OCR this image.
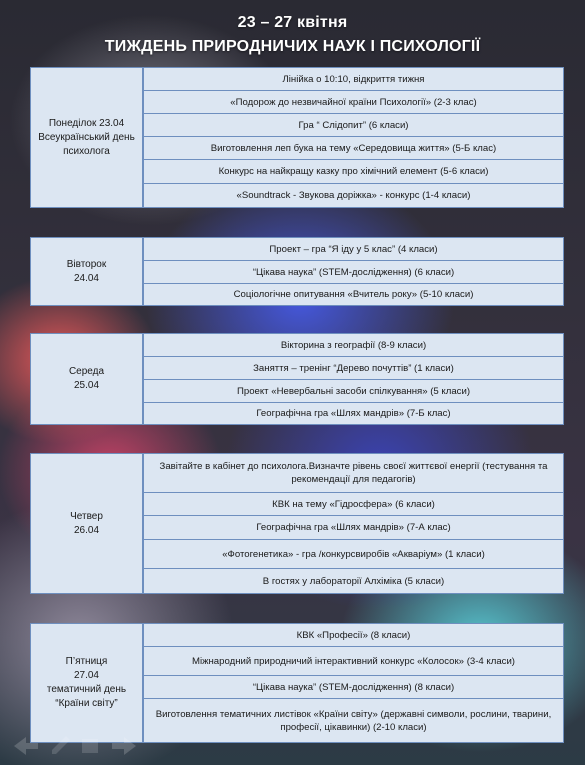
23 – 27 квітня
ТИЖДЕНЬ ПРИРОДНИЧИХ НАУК І ПСИХОЛОГІЇ
Понеділок 23.04
Всеукраїнський день
психолога
Лінійка о 10:10, відкриття тижня
«Подорож до незвичайної країни Психології» (2-3 клас)
Гра “ Слідопит” (6 класи)
Виготовлення леп бука на тему «Середовища життя» (5-Б клас)
Конкурс на найкращу казку про хімічний елемент (5-6 класи)
«Soundtrack - Звукова доріжка» - конкурс (1-4 класи)
Вівторок
24.04
Проект – гра “Я іду у 5 клас” (4 класи)
“Цікава наука” (STEM-дослідження) (6 класи)
Соціологічне опитування «Вчитель року» (5-10 класи)
Середа
25.04
Вікторина з географії (8-9 класи)
Заняття – тренінг “Дерево почуттів” (1 класи)
Проект «Невербальні засоби спілкування» (5 класи)
Географічна гра «Шлях мандрів» (7-Б клас)
Четвер
26.04
Завітайте в кабінет до психолога.Визначте рівень своєї життєвої енергії (тестування та рекомендації для педагогів)
КВК на тему «Гідросфера» (6 класи)
Географічна гра «Шлях мандрів» (7-А клас)
«Фотогенетика» - гра /конкурсвиробів «Акваріум» (1 класи)
В гостях у лабораторії Алхіміка (5 класи)
П’ятниця
27.04
тематичний день
“Країни світу”
КВК «Професії» (8 класи)
Міжнародний природничий інтерактивний конкурс «Колосок» (3-4 класи)
“Цікава наука” (STEM-дослідження) (8 класи)
Виготовлення тематичних листівок «Країни світу» (державні символи, рослини, тварини, професії, цікавинки) (2-10 класи)
